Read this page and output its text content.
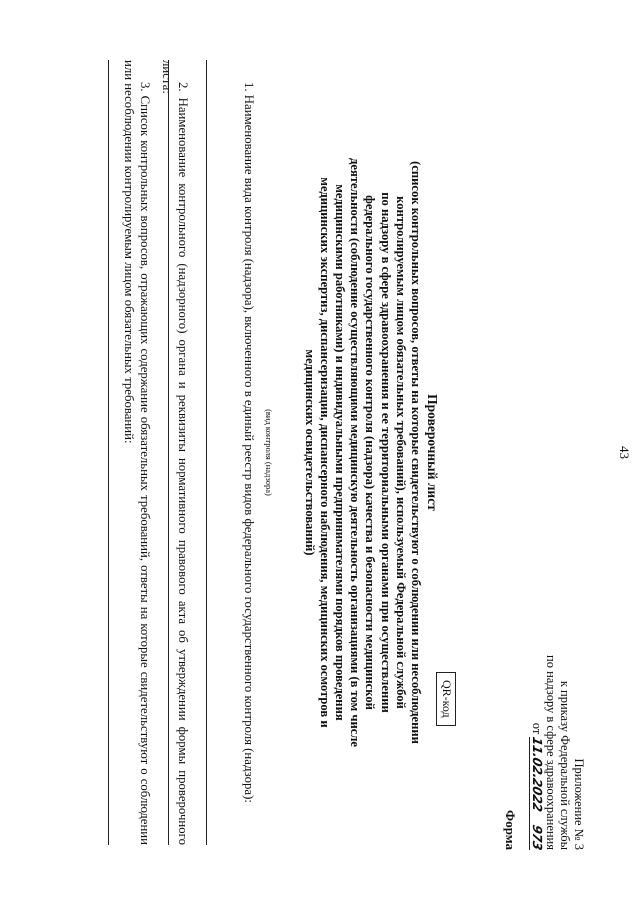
43
Приложение № 3
к приказу Федеральной службы
по надзору в сфере здравоохранения
от 11.02.2022 973
Форма
QR-код
Проверочный лист
(список контрольных вопросов, ответы на которые свидетельствуют о соблюдении или несоблюдении
контролируемым лицом обязательных требований), используемый Федеральной службой
по надзору в сфере здравоохранения и ее территориальными органами при осуществлении
федерального государственного контроля (надзора) качества и безопасности медицинской
деятельности (соблюдение осуществляющими медицинскую деятельность организациями (в том числе
медицинскими работниками) и индивидуальными предпринимателями порядков проведения
медицинских экспертиз, диспансеризации, диспансерного наблюдения, медицинских осмотров и
медицинских освидетельствований)
(вид контроля (надзора)
1. Наименование вида контроля (надзора), включенного в единый реестр видов федерального государственного контроля (надзора):
2. Наименование контрольного (надзорного) органа и реквизиты нормативного правового акта об утверждении формы проверочного листа:
3. Список контрольных вопросов, отражающих содержание обязательных требований, ответы на которые свидетельствуют о соблюдении или несоблюдении контролируемым лицом обязательных требований:
